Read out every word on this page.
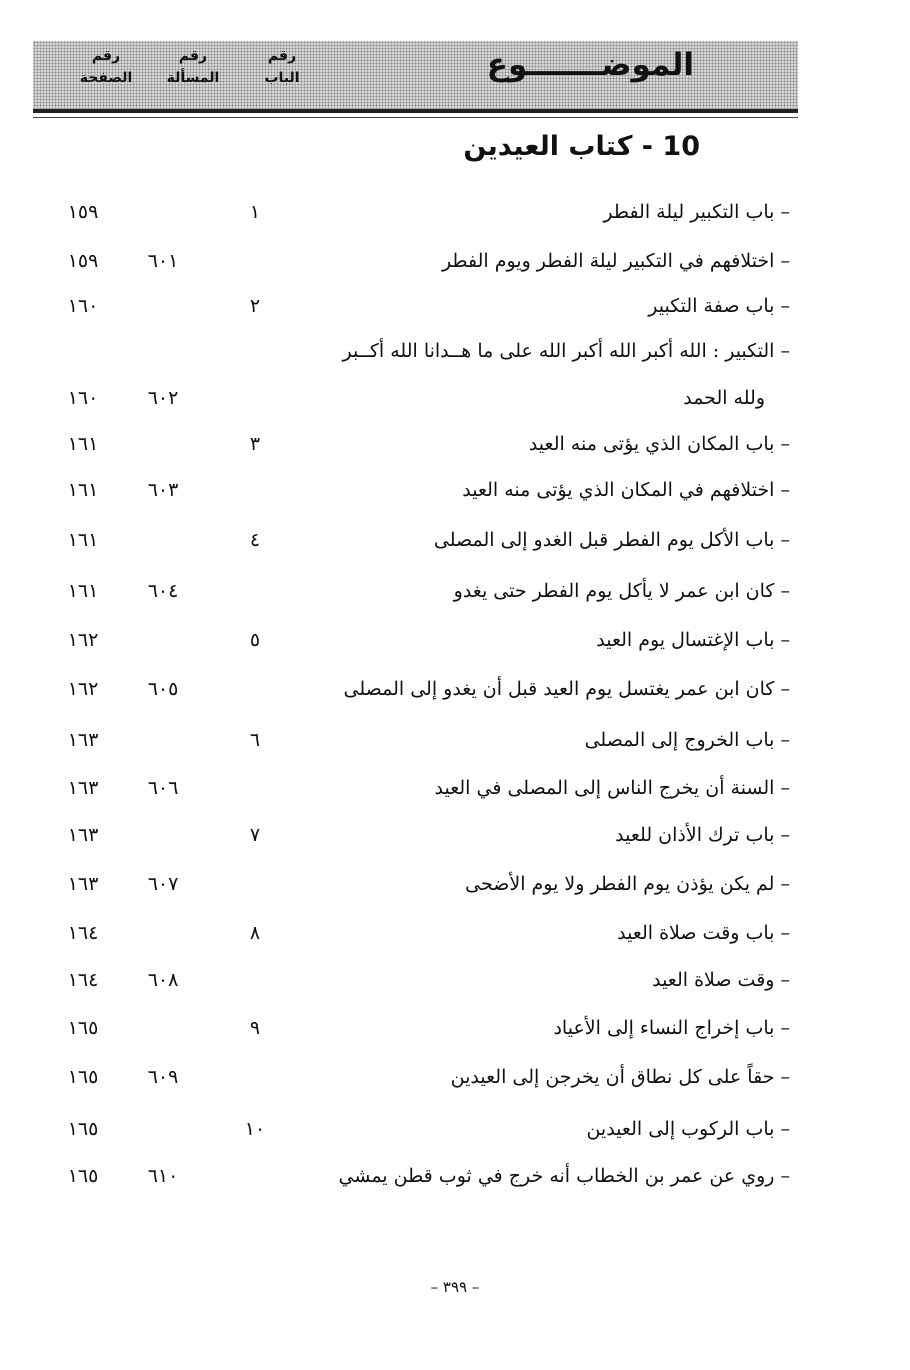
الموضـــــــوع
رقم
الباب
رقم
المسألة
رقم
الصفحة
10 - كتاب العيدين
– باب التكبير ليلة الفطر
١
١٥٩
– اختلافهم في التكبير ليلة الفطر ويوم الفطر
٦٠١
١٥٩
– باب صفة التكبير
٢
١٦٠
– التكبير : الله أكبر الله أكبر الله على ما هــدانا الله أكــبر
ولله الحمد
٦٠٢
١٦٠
– باب المكان الذي يؤتى منه العيد
٣
١٦١
– اختلافهم في المكان الذي يؤتى منه العيد
٦٠٣
١٦١
– باب الأكل يوم الفطر قبل الغدو إلى المصلى
٤
١٦١
– كان ابن عمر لا يأكل يوم الفطر حتى يغدو
٦٠٤
١٦١
– باب الإغتسال يوم العيد
٥
١٦٢
– كان ابن عمر يغتسل يوم العيد قبل أن يغدو إلى المصلى
٦٠٥
١٦٢
– باب الخروج إلى المصلى
٦
١٦٣
– السنة أن يخرج الناس إلى المصلى في العيد
٦٠٦
١٦٣
– باب ترك الأذان للعيد
٧
١٦٣
– لم يكن يؤذن يوم الفطر ولا يوم الأضحى
٦٠٧
١٦٣
– باب وقت صلاة العيد
٨
١٦٤
– وقت صلاة العيد
٦٠٨
١٦٤
– باب إخراج النساء إلى الأعياد
٩
١٦٥
– حقاً على كل نطاق أن يخرجن إلى العيدين
٦٠٩
١٦٥
– باب الركوب إلى العيدين
١٠
١٦٥
– روي عن عمر بن الخطاب أنه خرج في ثوب قطن يمشي
٦١٠
١٦٥
– ٣٩٩ –
